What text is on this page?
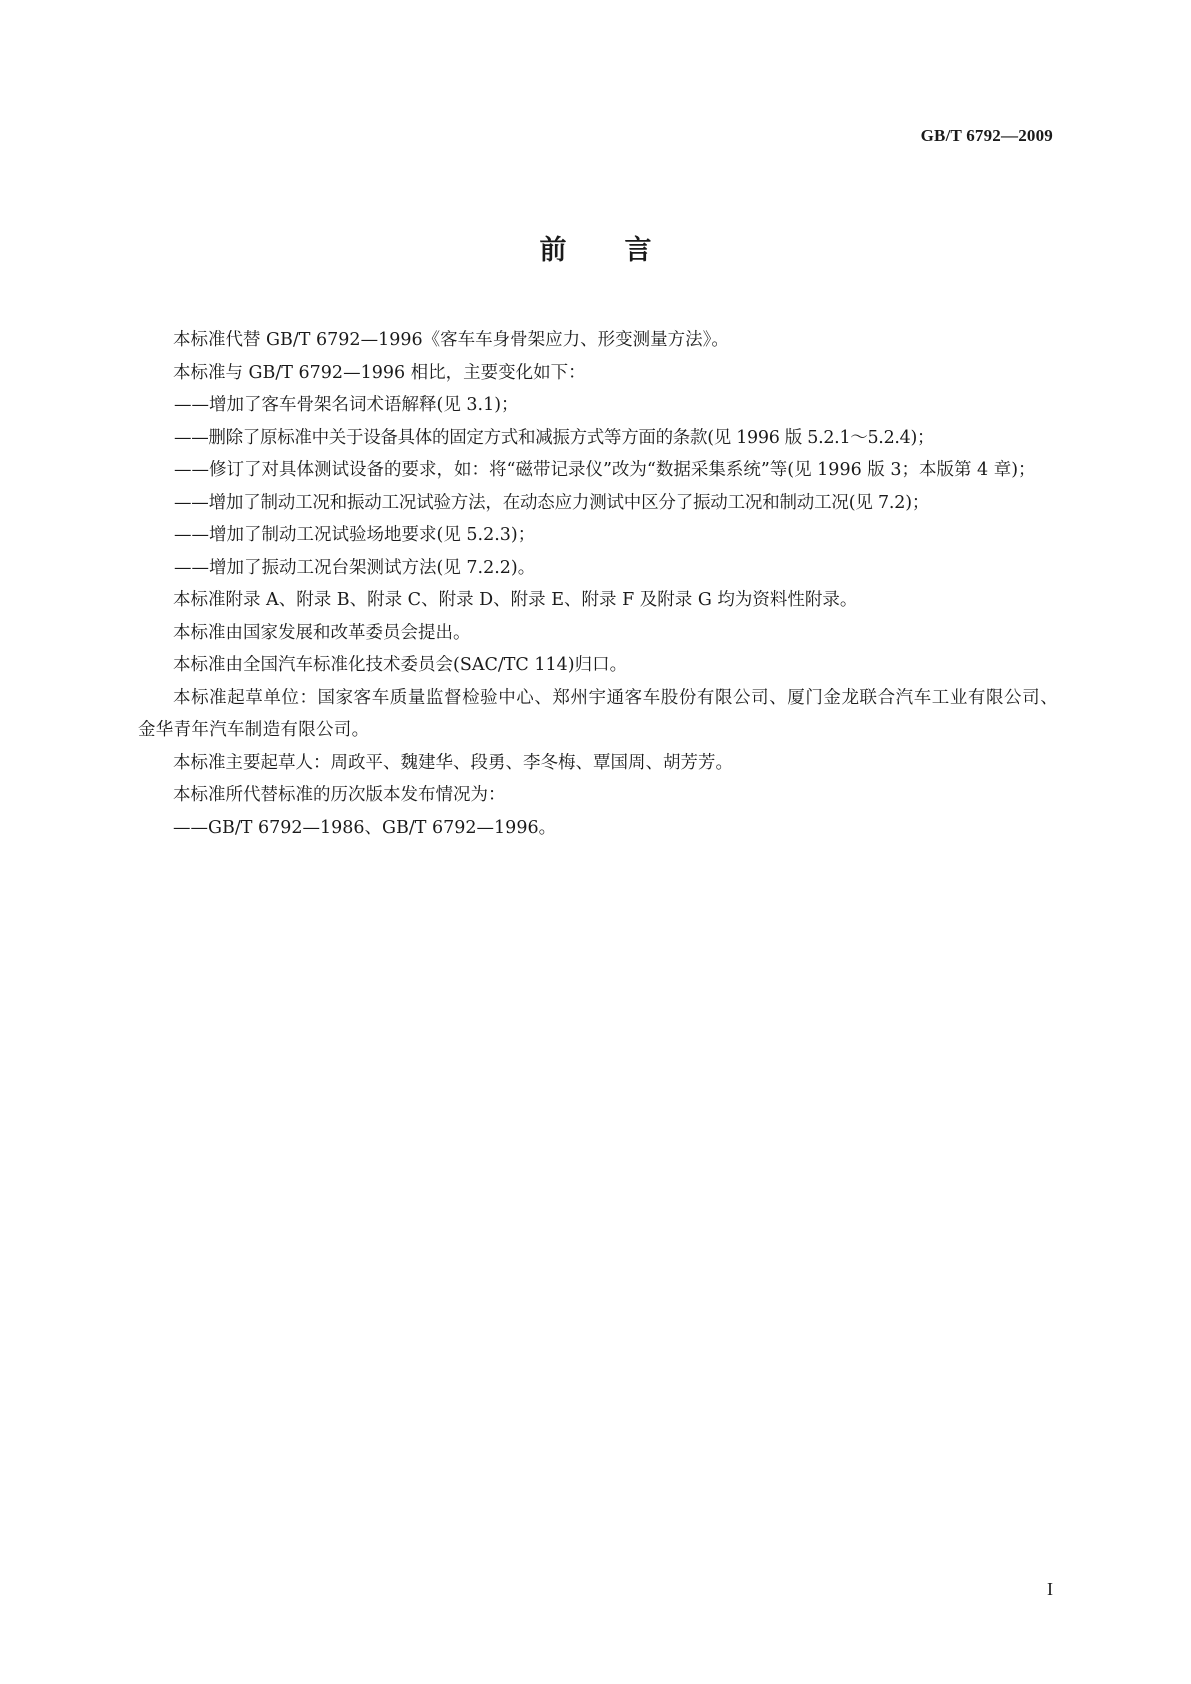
GB/T 6792—2009
前 言

本标准代替 GB/T 6792—1996《客车车身骨架应力、形变测量方法》。

本标准与 GB/T 6792—1996 相比，主要变化如下：

——增加了客车骨架名词术语解释(见 3.1)；

——删除了原标准中关于设备具体的固定方式和减振方式等方面的条款(见 1996 版 5.2.1～5.2.4)；

——修订了对具体测试设备的要求，如：将“磁带记录仪”改为“数据采集系统”等(见 1996 版 3；本版第 4 章)；

——增加了制动工况和振动工况试验方法，在动态应力测试中区分了振动工况和制动工况(见 7.2)；

——增加了制动工况试验场地要求(见 5.2.3)；

——增加了振动工况台架测试方法(见 7.2.2)。

本标准附录 A、附录 B、附录 C、附录 D、附录 E、附录 F 及附录 G 均为资料性附录。

本标准由国家发展和改革委员会提出。

本标准由全国汽车标准化技术委员会(SAC/TC 114)归口。

本标准起草单位：国家客车质量监督检验中心、郑州宇通客车股份有限公司、厦门金龙联合汽车工业有限公司、金华青年汽车制造有限公司。

本标准主要起草人：周政平、魏建华、段勇、李冬梅、覃国周、胡芳芳。

本标准所代替标准的历次版本发布情况为：

——GB/T 6792—1986、GB/T 6792—1996。

I
